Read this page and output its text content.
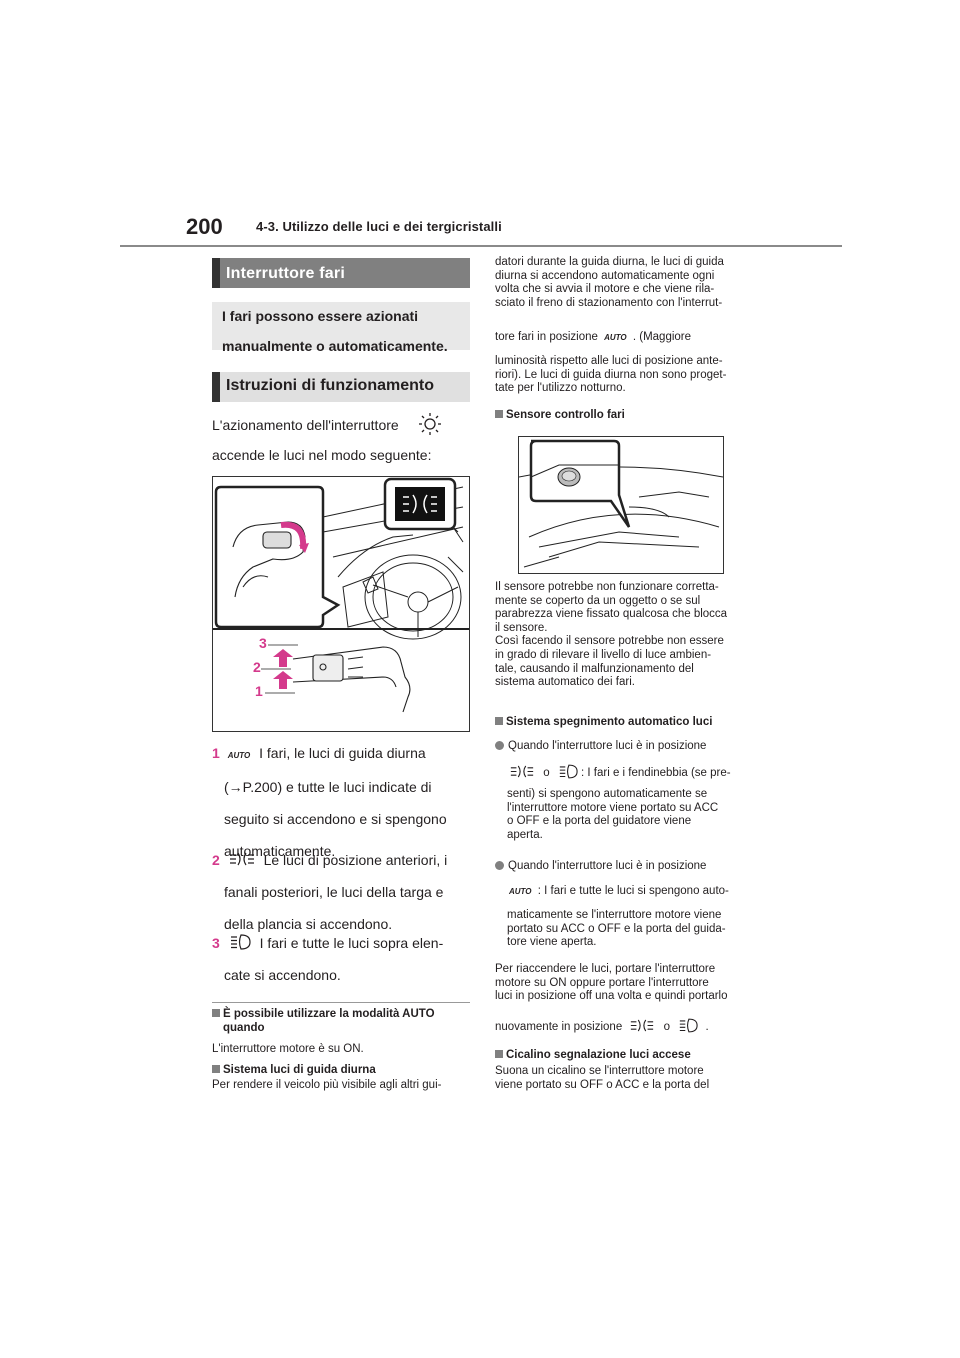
200	4-3. Utilizzo delle luci e dei tergicristalli
Interruttore fari
I fari possono essere azionati
manualmente o automaticamente.
Istruzioni di funzionamento
L'azionamento dell'interruttore
accende le luci nel modo seguente:
3
2
1
1 AUTO I fari, le luci di guida diurna
(→P.200) e tutte le luci indicate di
seguito si accendono e si spengono
automaticamente.
2	Le luci di posizione anteriori, i
fanali posteriori, le luci della targa e
della plancia si accendono.
3	I fari e tutte le luci sopra elen-
cate si accendono.
È possibile utilizzare la modalità AUTO
quando
L'interruttore motore è su ON.
Sistema luci di guida diurna
Per rendere il veicolo più visibile agli altri gui-
datori durante la guida diurna, le luci di guida
diurna si accendono automaticamente ogni
volta che si avvia il motore e che viene rila-
sciato il freno di stazionamento con l'interrut-
tore fari in posizione AUTO . (Maggiore
luminosità rispetto alle luci di posizione ante-
riori). Le luci di guida diurna non sono proget-
tate per l'utilizzo notturno.
Sensore controllo fari
Il sensore potrebbe non funzionare corretta-
mente se coperto da un oggetto o se sul
parabrezza viene fissato qualcosa che blocca
il sensore.
Così facendo il sensore potrebbe non essere
in grado di rilevare il livello di luce ambien-
tale, causando il malfunzionamento del
sistema automatico dei fari.
Sistema spegnimento automatico luci
Quando l'interruttore luci è in posizione
o	: I fari e i fendinebbia (se pre-
senti) si spengono automaticamente se
l'interruttore motore viene portato su ACC
o OFF e la porta del guidatore viene
aperta.
Quando l'interruttore luci è in posizione
AUTO : I fari e tutte le luci si spengono auto-
maticamente se l'interruttore motore viene
portato su ACC o OFF e la porta del guida-
tore viene aperta.
Per riaccendere le luci, portare l'interruttore
motore su ON oppure portare l'interruttore
luci in posizione off una volta e quindi portarlo
nuovamente in posizione	o	.
Cicalino segnalazione luci accese
Suona un cicalino se l'interruttore motore
viene portato su OFF o ACC e la porta del
